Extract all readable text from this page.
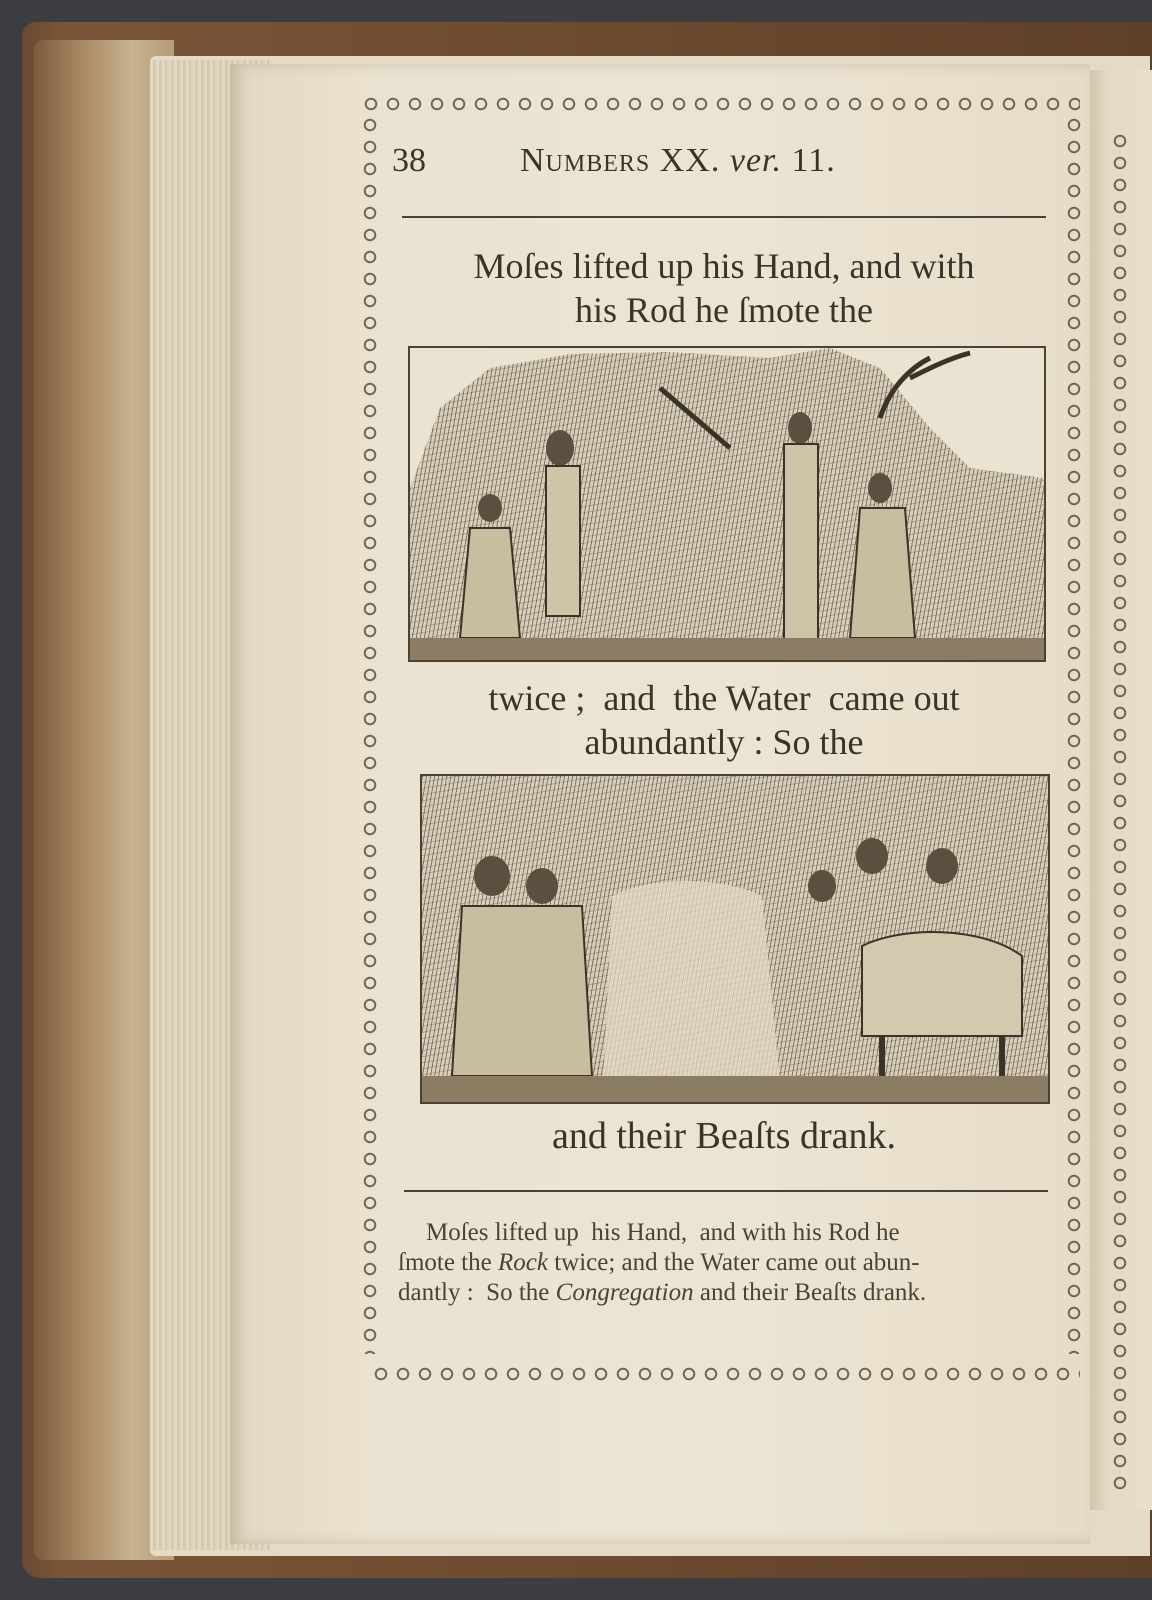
38	Numbers XX. ver. 11.
Moſes lifted up his Hand, and with
his Rod he ſmote the
twice ;  and  the Water  came out
abundantly : So the
and their Beaſts drank.
Moſes lifted up  his Hand,  and with his Rod he
ſmote the Rock twice; and the Water came out abun-
dantly :  So the Congregation and their Beaſts drank.
